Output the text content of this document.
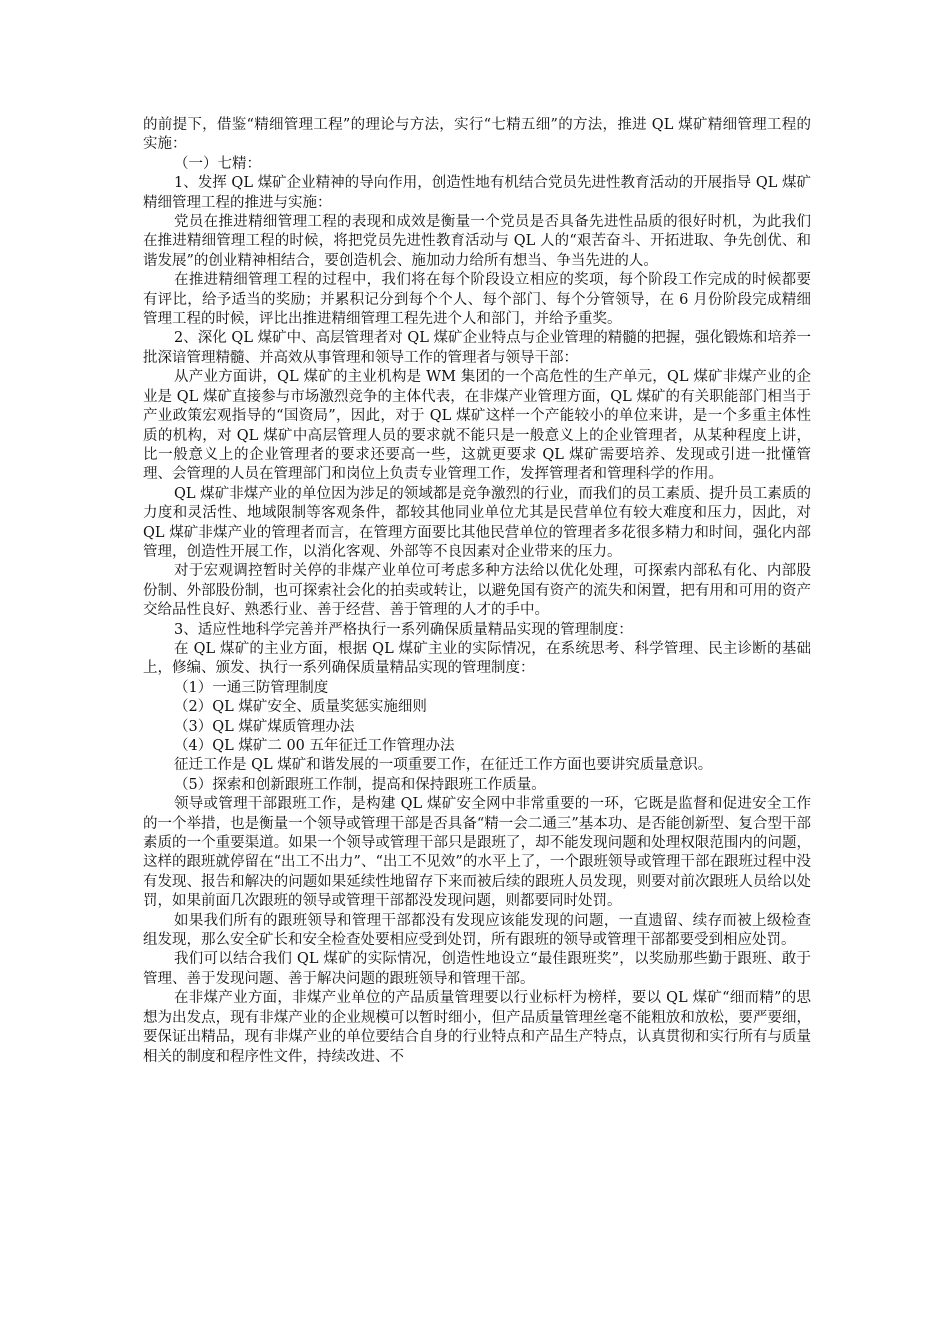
的前提下，借鉴“精细管理工程”的理论与方法，实行“七精五细”的方法，推进 QL 煤矿精细管理工程的实施：

（一）七精：

1、发挥 QL 煤矿企业精神的导向作用，创造性地有机结合党员先进性教育活动的开展指导 QL 煤矿精细管理工程的推进与实施：

党员在推进精细管理工程的表现和成效是衡量一个党员是否具备先进性品质的很好时机，为此我们在推进精细管理工程的时候，将把党员先进性教育活动与 QL 人的“艰苦奋斗、开拓进取、争先创优、和谐发展”的创业精神相结合，要创造机会、施加动力给所有想当、争当先进的人。

在推进精细管理工程的过程中，我们将在每个阶段设立相应的奖项，每个阶段工作完成的时候都要有评比，给予适当的奖励；并累积记分到每个个人、每个部门、每个分管领导，在 6 月份阶段完成精细管理工程的时候，评比出推进精细管理工程先进个人和部门，并给予重奖。

2、深化 QL 煤矿中、高层管理者对 QL 煤矿企业特点与企业管理的精髓的把握，强化锻炼和培养一批深谙管理精髓、并高效从事管理和领导工作的管理者与领导干部：

从产业方面讲，QL 煤矿的主业机构是 WM 集团的一个高危性的生产单元，QL 煤矿非煤产业的企业是 QL 煤矿直接参与市场激烈竞争的主体代表，在非煤产业管理方面，QL 煤矿的有关职能部门相当于产业政策宏观指导的“国资局”，因此，对于 QL 煤矿这样一个产能较小的单位来讲，是一个多重主体性质的机构，对 QL 煤矿中高层管理人员的要求就不能只是一般意义上的企业管理者，从某种程度上讲，比一般意义上的企业管理者的要求还要高一些，这就更要求 QL 煤矿需要培养、发现或引进一批懂管理、会管理的人员在管理部门和岗位上负责专业管理工作，发挥管理者和管理科学的作用。

QL 煤矿非煤产业的单位因为涉足的领域都是竞争激烈的行业，而我们的员工素质、提升员工素质的力度和灵活性、地域限制等客观条件，都较其他同业单位尤其是民营单位有较大难度和压力，因此，对 QL 煤矿非煤产业的管理者而言，在管理方面要比其他民营单位的管理者多花很多精力和时间，强化内部管理，创造性开展工作，以消化客观、外部等不良因素对企业带来的压力。

对于宏观调控暂时关停的非煤产业单位可考虑多种方法给以优化处理，可探索内部私有化、内部股份制、外部股份制，也可探索社会化的拍卖或转让，以避免国有资产的流失和闲置，把有用和可用的资产交给品性良好、熟悉行业、善于经营、善于管理的人才的手中。

3、适应性地科学完善并严格执行一系列确保质量精品实现的管理制度：

在 QL 煤矿的主业方面，根据 QL 煤矿主业的实际情况，在系统思考、科学管理、民主诊断的基础上，修编、颁发、执行一系列确保质量精品实现的管理制度：

（1）一通三防管理制度

（2）QL 煤矿安全、质量奖惩实施细则

（3）QL 煤矿煤质管理办法

（4）QL 煤矿二 00 五年征迁工作管理办法

征迁工作是 QL 煤矿和谐发展的一项重要工作，在征迁工作方面也要讲究质量意识。

（5）探索和创新跟班工作制，提高和保持跟班工作质量。

领导或管理干部跟班工作，是构建 QL 煤矿安全网中非常重要的一环，它既是监督和促进安全工作的一个举措，也是衡量一个领导或管理干部是否具备“精一会二通三”基本功、是否能创新型、复合型干部素质的一个重要渠道。如果一个领导或管理干部只是跟班了，却不能发现问题和处理权限范围内的问题，这样的跟班就停留在“出工不出力”、“出工不见效”的水平上了，一个跟班领导或管理干部在跟班过程中没有发现、报告和解决的问题如果延续性地留存下来而被后续的跟班人员发现，则要对前次跟班人员给以处罚，如果前面几次跟班的领导或管理干部都没发现问题，则都要同时处罚。

如果我们所有的跟班领导和管理干部都没有发现应该能发现的问题，一直遗留、续存而被上级检查组发现，那么安全矿长和安全检查处要相应受到处罚，所有跟班的领导或管理干部都要受到相应处罚。

我们可以结合我们 QL 煤矿的实际情况，创造性地设立“最佳跟班奖”，以奖励那些勤于跟班、敢于管理、善于发现问题、善于解决问题的跟班领导和管理干部。

在非煤产业方面，非煤产业单位的产品质量管理要以行业标杆为榜样，要以 QL 煤矿“细而精”的思想为出发点，现有非煤产业的企业规模可以暂时细小，但产品质量管理丝毫不能粗放和放松，要严要细，要保证出精品，现有非煤产业的单位要结合自身的行业特点和产品生产特点，认真贯彻和实行所有与质量相关的制度和程序性文件，持续改进、不
